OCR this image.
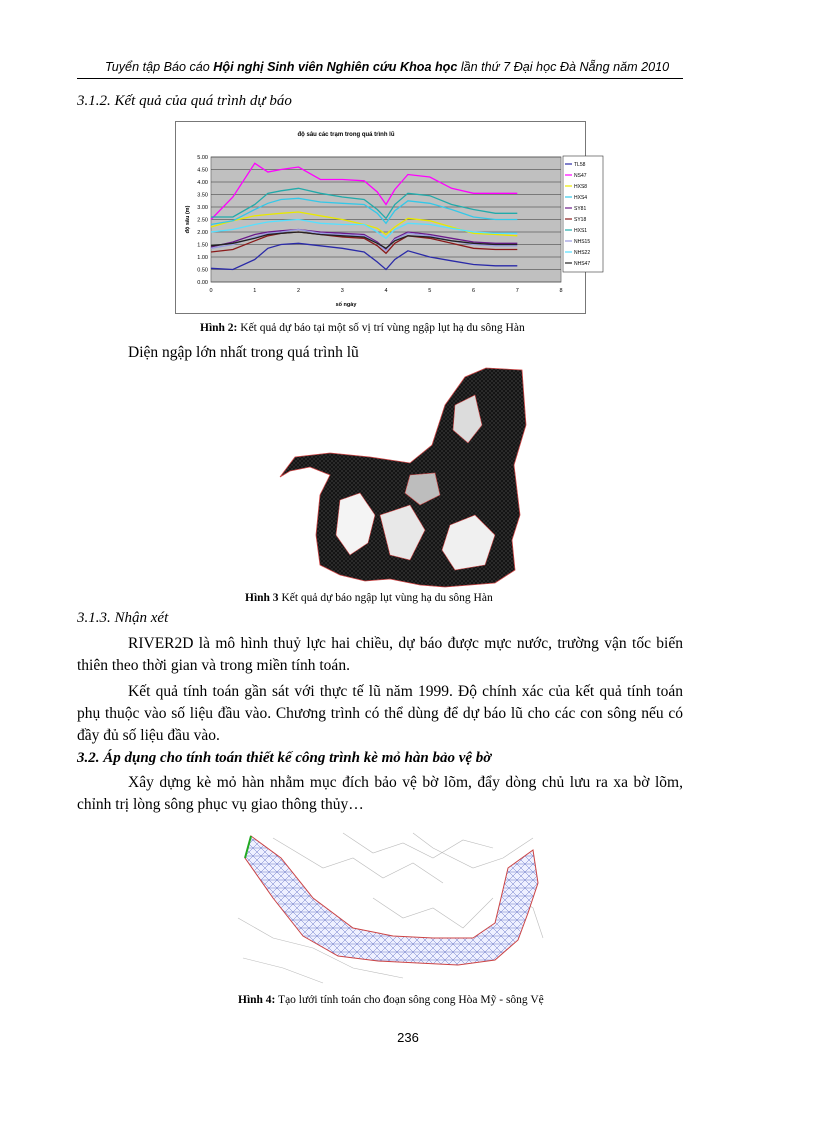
Tuyển tập Báo cáo Hội nghị Sinh viên Nghiên cứu Khoa học lần thứ 7 Đại học Đà Nẵng năm 2010
3.1.2. Kết quả của quá trình dự báo
0.00
0.50
1.00
1.50
2.00
2.50
3.00
3.50
4.00
4.50
5.00
0	1	2	3	4	5	6	7	8
độ sâu các trạm trong quá trình lũ
số ngày
độ sâu (m)
TL58
NS47
HXS8
HXS4
SY81
SY18
HXS1
NHS15
NHS22
NHS47
Hình 2: Kết quả dự báo tại một số vị trí vùng ngập lụt hạ du sông Hàn
Diện ngập lớn nhất trong quá trình lũ
Hình 3 Kết quả dự báo ngập lụt vùng hạ du sông Hàn
3.1.3. Nhận xét
RIVER2D là mô hình thuỷ lực hai chiều, dự báo được mực nước, trường vận tốc biến thiên theo thời gian và trong miền tính toán.
Kết quả tính toán gần sát với thực tế lũ năm 1999. Độ chính xác của kết quả tính toán phụ thuộc vào số liệu đầu vào. Chương trình có thể dùng để dự báo lũ cho các con sông nếu có đầy đủ số liệu đầu vào.
3.2. Áp dụng cho tính toán thiết kế công trình kè mỏ hàn bảo vệ bờ
Xây dựng kè mỏ hàn nhằm mục đích bảo vệ bờ lõm, đẩy dòng chủ lưu ra xa bờ lõm, chỉnh trị lòng sông phục vụ giao thông thủy…
Hình 4: Tạo lưới tính toán cho đoạn sông cong Hòa Mỹ - sông Vệ
236
